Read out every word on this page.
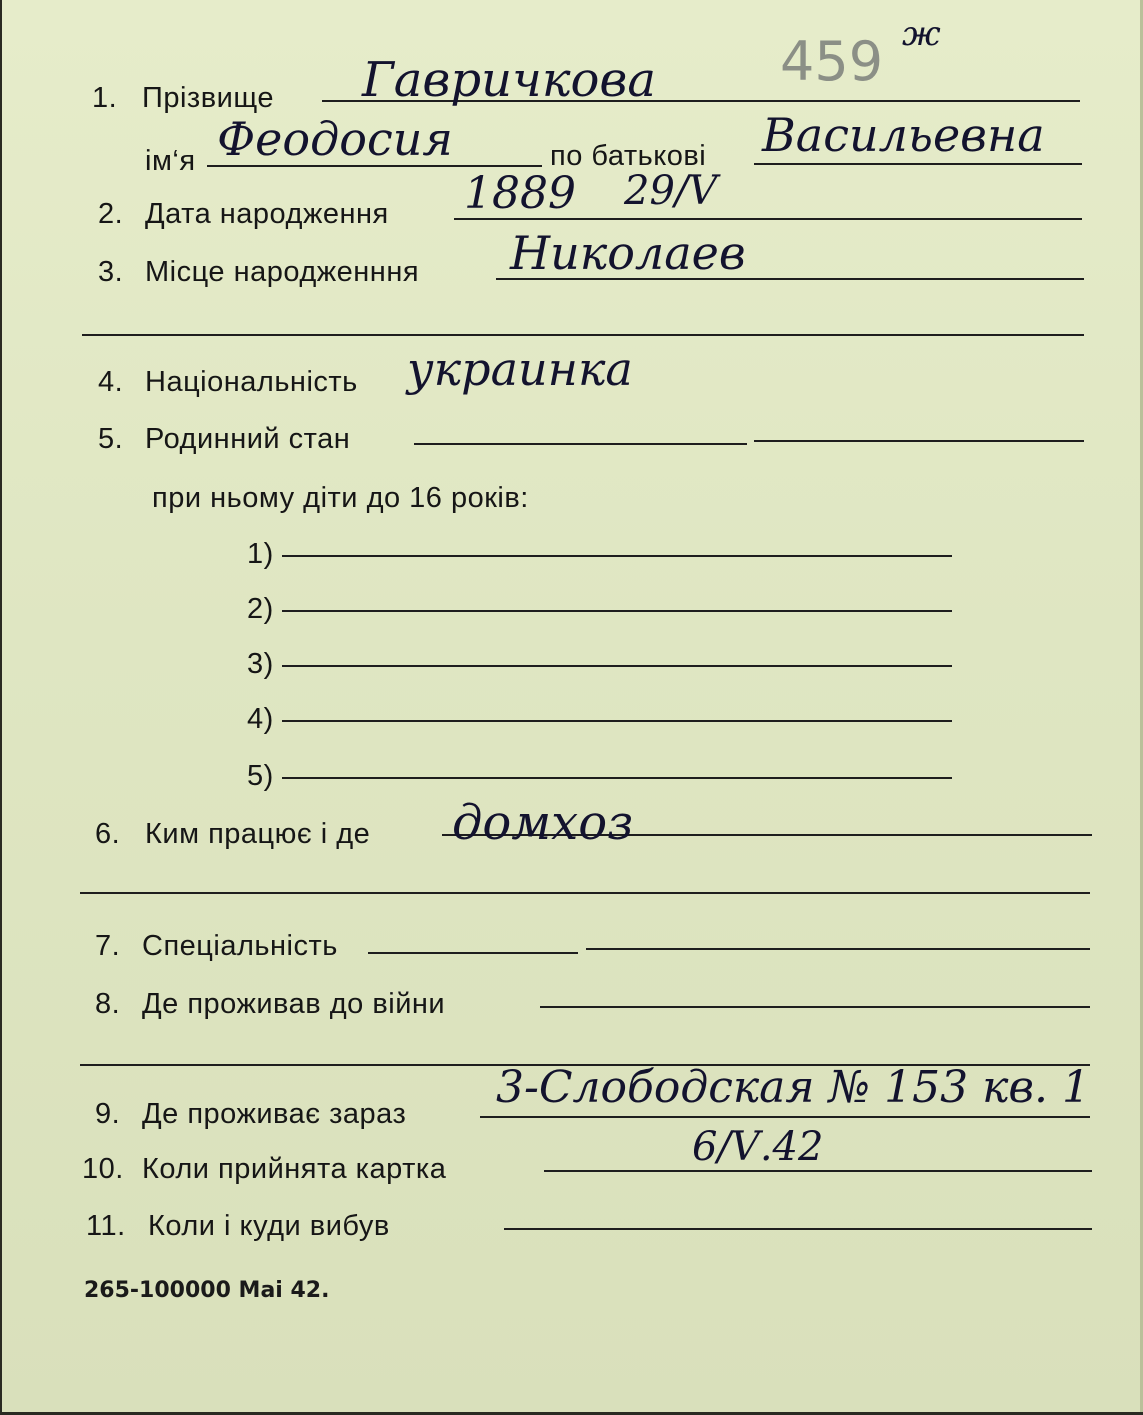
1. Прізвище Гавричкова 459 ж
ім‘я Феодосия	по батькові Васильевна
2. Дата народження 1889 29/Ⅴ
3. Місце народженння Николаев
4. Національність украинка
5. Родинний стан
при ньому діти до 16 років:
1)
2)
3)
4)
5)
6. Ким працює і де домхоз
7. Спеціальність
8. Де проживав до війни
9. Де проживає зараз
3-Слободская № 153 кв. 1
10. Коли прийнята картка	6/Ⅴ.42
11. Коли і куди вибув
265-100000 Mai 42.
